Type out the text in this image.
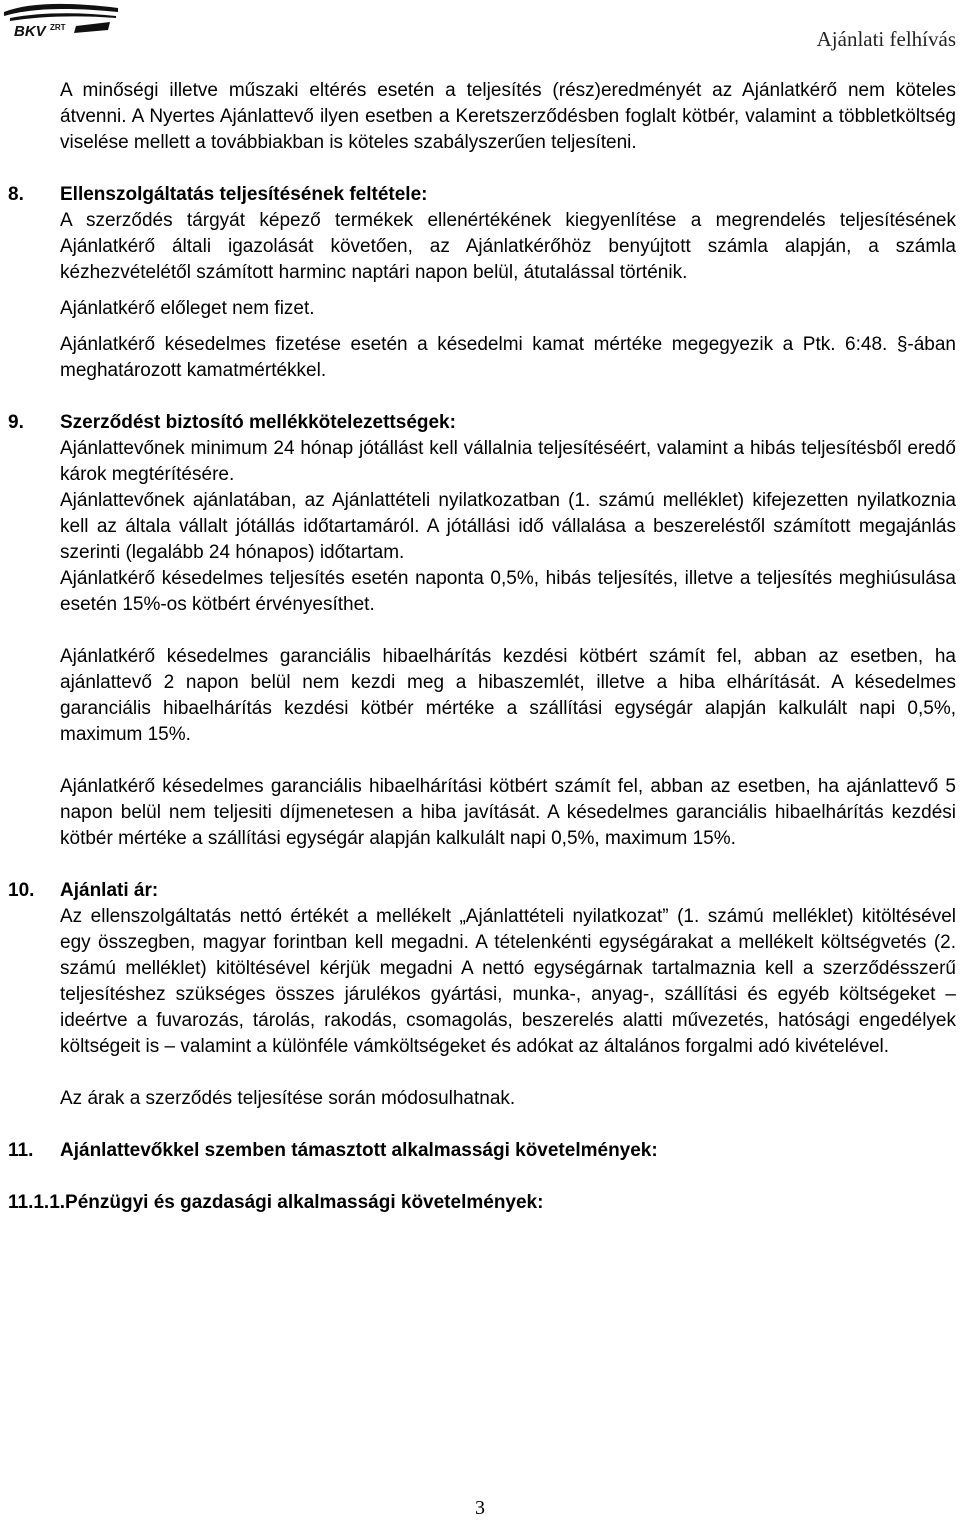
BKV ZRT	Ajánlati felhívás

A minőségi illetve műszaki eltérés esetén a teljesítés (rész)eredményét az Ajánlatkérő nem köteles átvenni. A Nyertes Ajánlattevő ilyen esetben a Keretszerződésben foglalt kötbér, valamint a többletköltség viselése mellett a továbbiakban is köteles szabályszerűen teljesíteni.

8. Ellenszolgáltatás teljesítésének feltétele:

A szerződés tárgyát képező termékek ellenértékének kiegyenlítése a megrendelés teljesítésének Ajánlatkérő általi igazolását követően, az Ajánlatkérőhöz benyújtott számla alapján, a számla kézhezvételétől számított harminc naptári napon belül, átutalással történik.

Ajánlatkérő előleget nem fizet.

Ajánlatkérő késedelmes fizetése esetén a késedelmi kamat mértéke megegyezik a Ptk. 6:48. §-ában meghatározott kamatmértékkel.

9. Szerződést biztosító mellékkötelezettségek:

Ajánlattevőnek minimum 24 hónap jótállást kell vállalnia teljesítéséért, valamint a hibás teljesítésből eredő károk megtérítésére.

Ajánlattevőnek ajánlatában, az Ajánlattételi nyilatkozatban (1. számú melléklet) kifejezetten nyilatkoznia kell az általa vállalt jótállás időtartamáról. A jótállási idő vállalása a beszereléstől számított megajánlás szerinti (legalább 24 hónapos) időtartam.

Ajánlatkérő késedelmes teljesítés esetén naponta 0,5%, hibás teljesítés, illetve a teljesítés meghiúsulása esetén 15%-os kötbért érvényesíthet.

Ajánlatkérő késedelmes garanciális hibaelhárítás kezdési kötbért számít fel, abban az esetben, ha ajánlattevő 2 napon belül nem kezdi meg a hibaszemlét, illetve a hiba elhárítását. A késedelmes garanciális hibaelhárítás kezdési kötbér mértéke a szállítási egységár alapján kalkulált napi 0,5%, maximum 15%.

Ajánlatkérő késedelmes garanciális hibaelhárítási kötbért számít fel, abban az esetben, ha ajánlattevő 5 napon belül nem teljesiti díjmenetesen a hiba javítását. A késedelmes garanciális hibaelhárítás kezdési kötbér mértéke a szállítási egységár alapján kalkulált napi 0,5%, maximum 15%.

10. Ajánlati ár:

Az ellenszolgáltatás nettó értékét a mellékelt „Ajánlattételi nyilatkozat” (1. számú melléklet) kitöltésével egy összegben, magyar forintban kell megadni. A tételenkénti egységárakat a mellékelt költségvetés (2. számú melléklet) kitöltésével kérjük megadni A nettó egységárnak tartalmaznia kell a szerződésszerű teljesítéshez szükséges összes járulékos gyártási, munka-, anyag-, szállítási és egyéb költségeket – ideértve a fuvarozás, tárolás, rakodás, csomagolás, beszerelés alatti művezetés, hatósági engedélyek költségeit is – valamint a különféle vámköltségeket és adókat az általános forgalmi adó kivételével.

Az árak a szerződés teljesítése során módosulhatnak.

11. Ajánlattevőkkel szemben támasztott alkalmassági követelmények:

11.1.1.Pénzügyi és gazdasági alkalmassági követelmények:
3
